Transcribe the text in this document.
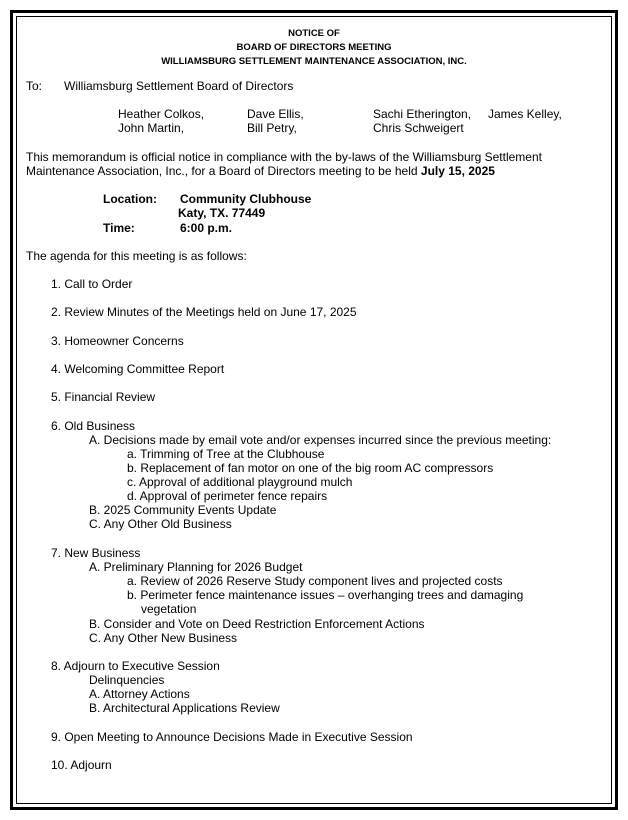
NOTICE OF
BOARD OF DIRECTORS MEETING
WILLIAMSBURG SETTLEMENT MAINTENANCE ASSOCIATION, INC.
To: Williamsburg Settlement Board of Directors
Heather Colkos,	Dave Ellis,	Sachi Etherington, James Kelley,
John Martin,	Bill Petry,	Chris Schweigert
This memorandum is official notice in compliance with the by-laws of the Williamsburg Settlement
Maintenance Association, Inc., for a Board of Directors meeting to be held July 15, 2025
Location: Community Clubhouse
Katy, TX. 77449
Time:	6:00 p.m.
The agenda for this meeting is as follows:
1. Call to Order
2. Review Minutes of the Meetings held on June 17, 2025
3. Homeowner Concerns
4. Welcoming Committee Report
5. Financial Review
6. Old Business
A. Decisions made by email vote and/or expenses incurred since the previous meeting:
a. Trimming of Tree at the Clubhouse
b. Replacement of fan motor on one of the big room AC compressors
c. Approval of additional playground mulch
d. Approval of perimeter fence repairs
B. 2025 Community Events Update
C. Any Other Old Business
7. New Business
A. Preliminary Planning for 2026 Budget
a. Review of 2026 Reserve Study component lives and projected costs
b. Perimeter fence maintenance issues – overhanging trees and damaging
vegetation
B. Consider and Vote on Deed Restriction Enforcement Actions
C. Any Other New Business
8. Adjourn to Executive Session
Delinquencies
A. Attorney Actions
B. Architectural Applications Review
9. Open Meeting to Announce Decisions Made in Executive Session
10. Adjourn
